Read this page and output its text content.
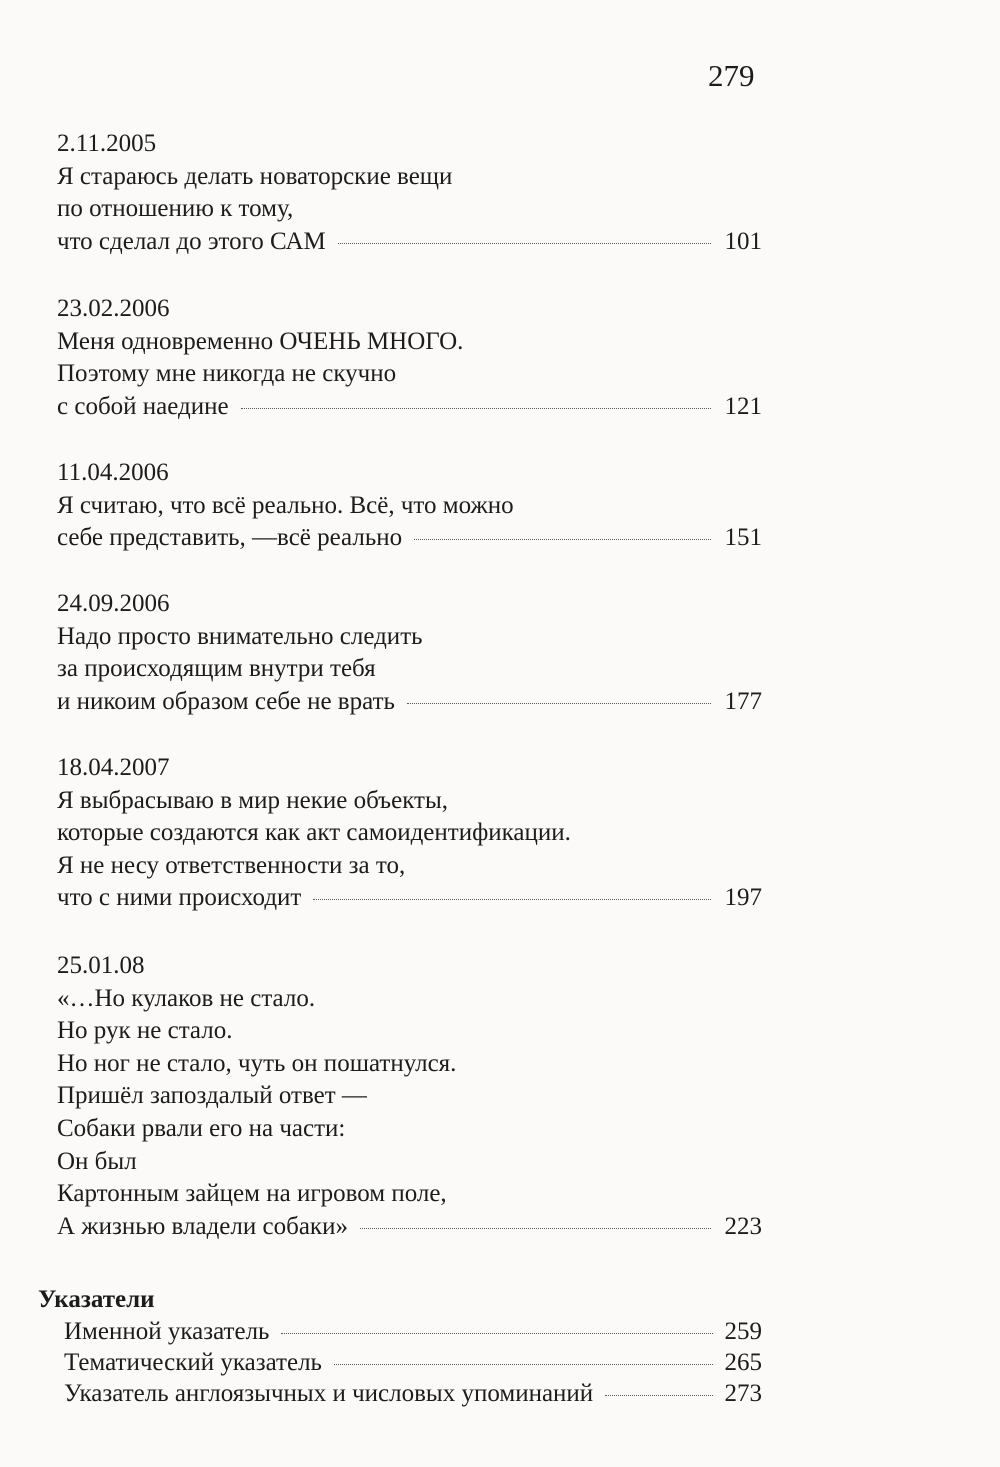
279
2.11.2005
Я стараюсь делать новаторские вещи
по отношению к тому,
что сделал до этого САМ	101
23.02.2006
Меня одновременно ОЧЕНЬ МНОГО.
Поэтому мне никогда не скучно
с собой наедине	121
11.04.2006
Я считаю, что всё реально. Всё, что можно
себе представить, —всё реально	151
24.09.2006
Надо просто внимательно следить
за происходящим внутри тебя
и никоим образом себе не врать	177
18.04.2007
Я выбрасываю в мир некие объекты,
которые создаются как акт самоидентификации.
Я не несу ответственности за то,
что с ними происходит	197
25.01.08
«…Но кулаков не стало.
Но рук не стало.
Но ног не стало, чуть он пошатнулся.
Пришёл запоздалый ответ —
Собаки рвали его на части:
Он был
Картонным зайцем на игровом поле,
А жизнью владели собаки»	223
Указатели
Именной указатель	259
Тематический указатель	265
Указатель англоязычных и числовых упоминаний	273
